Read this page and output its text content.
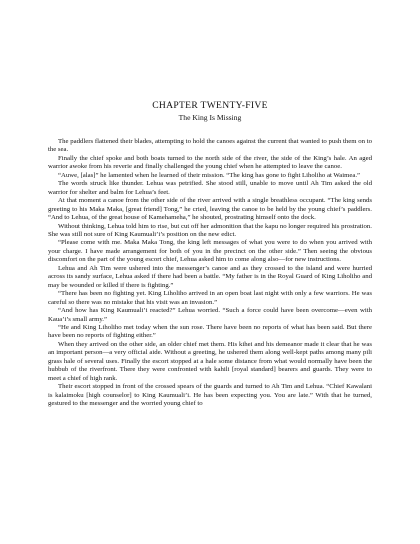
CHAPTER TWENTY-FIVE
The King Is Missing

The paddlers flattened their blades, attempting to hold the canoes against the current that wanted to push them on to the sea.

Finally the chief spoke and both boats turned to the north side of the river, the side of the King’s hale. An aged warrior awoke from his reverie and finally challenged the young chief when he attempted to leave the canoe.

“Auwe, [alas]” he lamented when he learned of their mission. “The king has gone to fight Liholiho at Waimea.”

The words struck like thunder. Lehua was petrified. She stood still, unable to move until Ah Tim asked the old warrior for shelter and balm for Lehua’s feet.

At that moment a canoe from the other side of the river arrived with a single breathless occupant. “The king sends greeting to his Maka Maka, [great friend] Tong,” he cried, leaving the canoe to be held by the young chief’s paddlers. “And to Lehua, of the great house of Kamehameha,” he shouted, prostrating himself onto the dock.

Without thinking, Lehua told him to rise, but cut off her admonition that the kapu no longer required his prostration. She was still not sure of King Kaumuali’i’s position on the new edict.

“Please come with me. Maka Maka Tong, the king left messages of what you were to do when you arrived with your charge. I have made arrangement for both of you in the precinct on the other side.” Then seeing the obvious discomfort on the part of the young escort chief, Lehua asked him to come along also—for new instructions.

Lehua and Ah Tim were ushered into the messenger’s canoe and as they crossed to the island and were hurried across its sandy surface, Lehua asked if there had been a battle. “My father is in the Royal Guard of King Liholiho and may be wounded or killed if there is fighting.”

“There has been no fighting yet. King Liholiho arrived in an open boat last night with only a few warriors. He was careful so there was no mistake that his visit was an invasion.”

“And how has King Kaumuali’i reacted?” Lehua worried. “Such a force could have been overcome—even with Kaua’i’s small army.”

“He and King Liholiho met today when the sun rose. There have been no reports of what has been said. But there have been no reports of fighting either.”

When they arrived on the other side, an older chief met them. His kihei and his demeanor made it clear that he was an important person—a very official aide. Without a greeting, he ushered them along well-kept paths among many pili grass hale of several uses. Finally the escort stopped at a hale some distance from what would normally have been the hubbub of the riverfront. There they were confronted with kahili [royal standard] bearers and guards. They were to meet a chief of high rank.

Their escort stopped in front of the crossed spears of the guards and turned to Ah Tim and Lehua. “Chief Kawalani is kalaimoku [high counselor] to King Kaumuali’i. He has been expecting you. You are late.” With that he turned, gestured to the messenger and the worried young chief to
